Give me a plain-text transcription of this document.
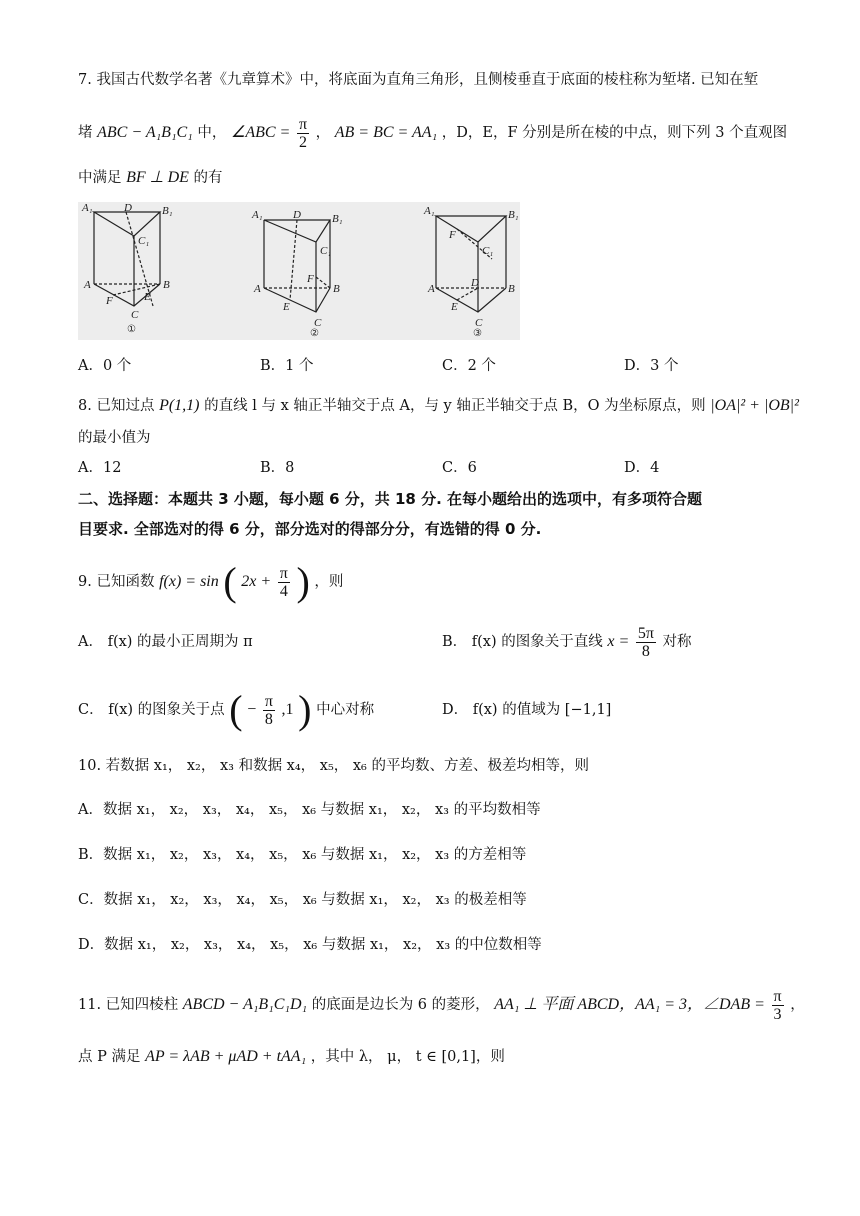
7. 我国古代数学名著《九章算术》中，将底面为直角三角形，且侧棱垂直于底面的棱柱称为堑堵. 已知在堑
堵 ABC − A₁B₁C₁ 中， ∠ABC = $\frac{\pi}{2}$ ， AB = BC = AA₁ ，D，E，F 分别是所在棱的中点，则下列 3 个直观图
中满足 BF ⊥ DE 的有
A₁	D	B₁
C₁
A	B
F	E
C
A₁	D	B₁
C₁
A	B
F
E
C
A₁	B₁
C₁
F
D
A	B
E
C
①	②	③
A．0 个	B．1 个	C．2 个	D．3 个
8. 已知过点 P(1,1) 的直线 l 与 x 轴正半轴交于点 A，与 y 轴正半轴交于点 B，O 为坐标原点，则 |OA|² + |OB|²
的最小值为
A．12	B．8	C．6	D．4
二、选择题：本题共 3 小题，每小题 6 分，共 18 分. 在每小题给出的选项中，有多项符合题
目要求. 全部选对的得 6 分，部分选对的得部分分，有选错的得 0 分.
9. 已知函数 f(x) = sin ( $2x + \frac{\pi}{4}$ ) ，则
A． f(x) 的最小正周期为 π	B． f(x) 的图象关于直线 $x = \frac{5\pi}{8}$ 对称
C． f(x) 的图象关于点 ( − $\frac{\pi}{8} ,1$ ) 中心对称	D． f(x) 的值域为 [−1,1]
10. 若数据 x₁， x₂， x₃ 和数据 x₄， x₅， x₆ 的平均数、方差、极差均相等，则
A．数据 x₁， x₂， x₃， x₄， x₅， x₆ 与数据 x₁， x₂， x₃ 的平均数相等
B．数据 x₁， x₂， x₃， x₄， x₅， x₆ 与数据 x₁， x₂， x₃ 的方差相等
C．数据 x₁， x₂， x₃， x₄， x₅， x₆ 与数据 x₁， x₂， x₃ 的极差相等
D．数据 x₁， x₂， x₃， x₄， x₅， x₆ 与数据 x₁， x₂， x₃ 的中位数相等
11. 已知四棱柱 ABCD − A₁B₁C₁D₁ 的底面是边长为 6 的菱形， AA₁ ⊥ 平面 ABCD，AA₁ = 3，∠DAB = $\frac{\pi}{3}$ ，
点 P 满足 AP = λAB + μAD + tAA₁ ，其中 λ， μ， t ∈ [0,1]，则
